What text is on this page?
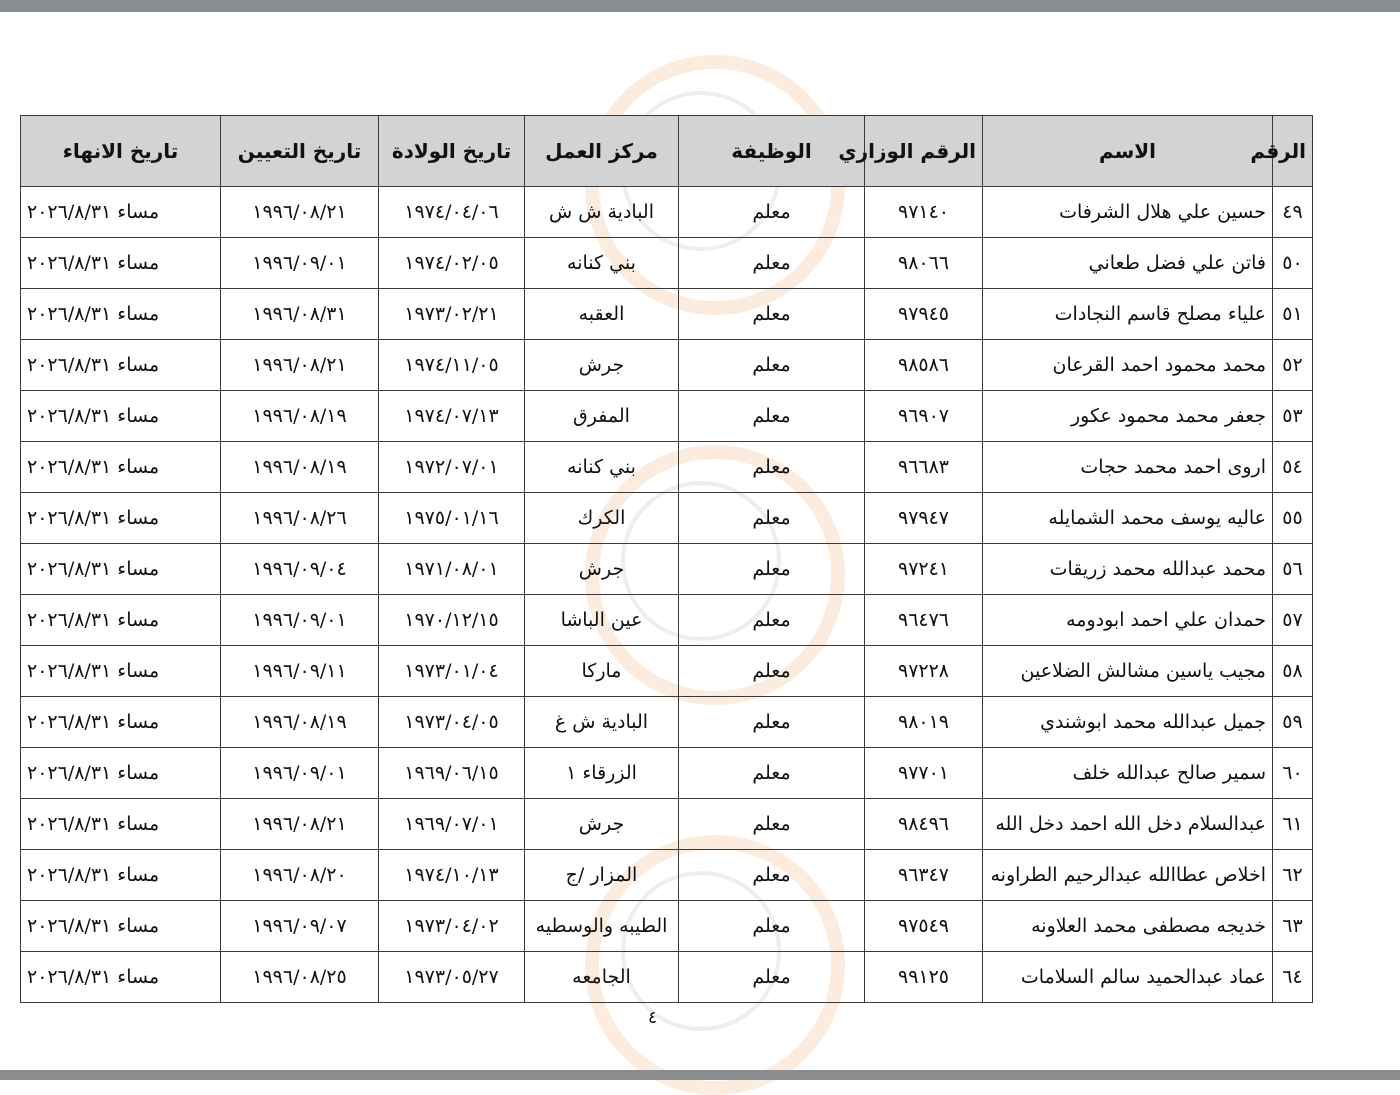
الرقم	الاسم	الرقم الوزاري	الوظيفة	مركز العمل	تاريخ الولادة	تاريخ التعيين	تاريخ الانهاء
٤٩	حسين علي هلال الشرفات	٩٧١٤٠	معلم	البادية ش ش	١٩٧٤/٠٤/٠٦	١٩٩٦/٠٨/٢١	مساء ٢٠٢٦/٨/٣١
٥٠	فاتن علي فضل طعاني	٩٨٠٦٦	معلم	بني كنانه	١٩٧٤/٠٢/٠٥	١٩٩٦/٠٩/٠١	مساء ٢٠٢٦/٨/٣١
٥١	علياء مصلح قاسم النجادات	٩٧٩٤٥	معلم	العقبه	١٩٧٣/٠٢/٢١	١٩٩٦/٠٨/٣١	مساء ٢٠٢٦/٨/٣١
٥٢	محمد محمود احمد القرعان	٩٨٥٨٦	معلم	جرش	١٩٧٤/١١/٠٥	١٩٩٦/٠٨/٢١	مساء ٢٠٢٦/٨/٣١
٥٣	جعفر محمد محمود عكور	٩٦٩٠٧	معلم	المفرق	١٩٧٤/٠٧/١٣	١٩٩٦/٠٨/١٩	مساء ٢٠٢٦/٨/٣١
٥٤	اروى احمد محمد حجات	٩٦٦٨٣	معلم	بني كنانه	١٩٧٢/٠٧/٠١	١٩٩٦/٠٨/١٩	مساء ٢٠٢٦/٨/٣١
٥٥	عاليه يوسف محمد الشمايله	٩٧٩٤٧	معلم	الكرك	١٩٧٥/٠١/١٦	١٩٩٦/٠٨/٢٦	مساء ٢٠٢٦/٨/٣١
٥٦	محمد عبدالله محمد زريقات	٩٧٢٤١	معلم	جرش	١٩٧١/٠٨/٠١	١٩٩٦/٠٩/٠٤	مساء ٢٠٢٦/٨/٣١
٥٧	حمدان علي احمد ابودومه	٩٦٤٧٦	معلم	عين الباشا	١٩٧٠/١٢/١٥	١٩٩٦/٠٩/٠١	مساء ٢٠٢٦/٨/٣١
٥٨	مجيب ياسين مشالش الضلاعين	٩٧٢٢٨	معلم	ماركا	١٩٧٣/٠١/٠٤	١٩٩٦/٠٩/١١	مساء ٢٠٢٦/٨/٣١
٥٩	جميل عبدالله محمد ابوشندي	٩٨٠١٩	معلم	البادية ش غ	١٩٧٣/٠٤/٠٥	١٩٩٦/٠٨/١٩	مساء ٢٠٢٦/٨/٣١
٦٠	سمير صالح عبدالله خلف	٩٧٧٠١	معلم	الزرقاء ١	١٩٦٩/٠٦/١٥	١٩٩٦/٠٩/٠١	مساء ٢٠٢٦/٨/٣١
٦١	عبدالسلام دخل الله احمد دخل الله	٩٨٤٩٦	معلم	جرش	١٩٦٩/٠٧/٠١	١٩٩٦/٠٨/٢١	مساء ٢٠٢٦/٨/٣١
٦٢	اخلاص عطاالله عبدالرحيم الطراونه	٩٦٣٤٧	معلم	المزار /ج	١٩٧٤/١٠/١٣	١٩٩٦/٠٨/٢٠	مساء ٢٠٢٦/٨/٣١
٦٣	خديجه مصطفى محمد العلاونه	٩٧٥٤٩	معلم	الطيبه والوسطيه	١٩٧٣/٠٤/٠٢	١٩٩٦/٠٩/٠٧	مساء ٢٠٢٦/٨/٣١
٦٤	عماد عبدالحميد سالم السلامات	٩٩١٢٥	معلم	الجامعه	١٩٧٣/٠٥/٢٧	١٩٩٦/٠٨/٢٥	مساء ٢٠٢٦/٨/٣١
٤
